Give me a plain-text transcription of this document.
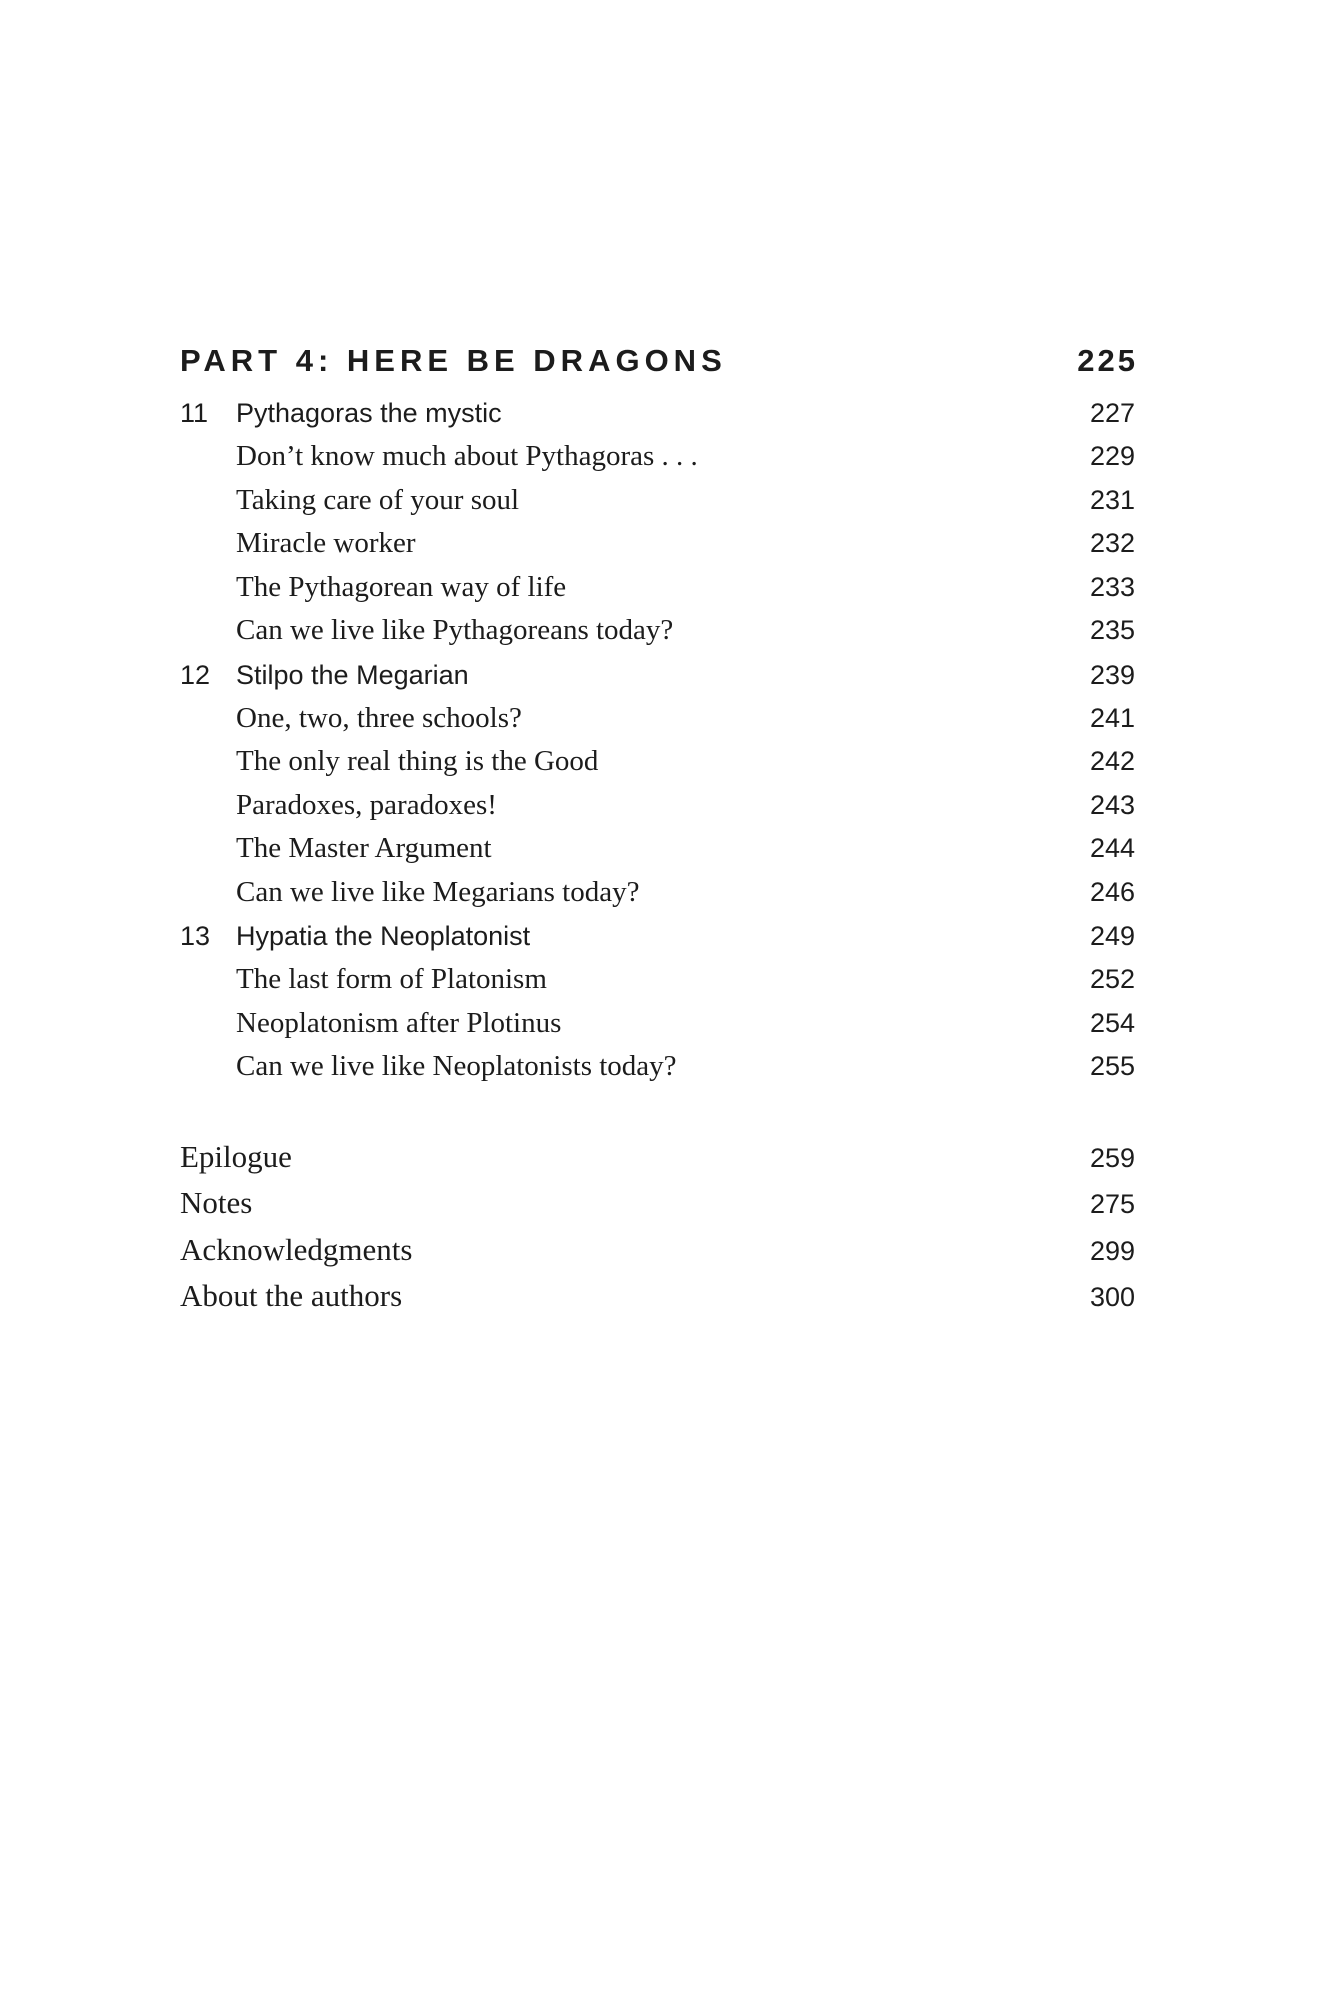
PART 4: HERE BE DRAGONS	225
11	Pythagoras the mystic	227
Don’t know much about Pythagoras . . .	229
Taking care of your soul	231
Miracle worker	232
The Pythagorean way of life	233
Can we live like Pythagoreans today?	235
12 Stilpo the Megarian	239
One, two, three schools?	241
The only real thing is the Good	242
Paradoxes, paradoxes!	243
The Master Argument	244
Can we live like Megarians today?	246
13 Hypatia the Neoplatonist	249
The last form of Platonism	252
Neoplatonism after Plotinus	254
Can we live like Neoplatonists today?	255
Epilogue	259
Notes	275
Acknowledgments	299
About the authors	300
